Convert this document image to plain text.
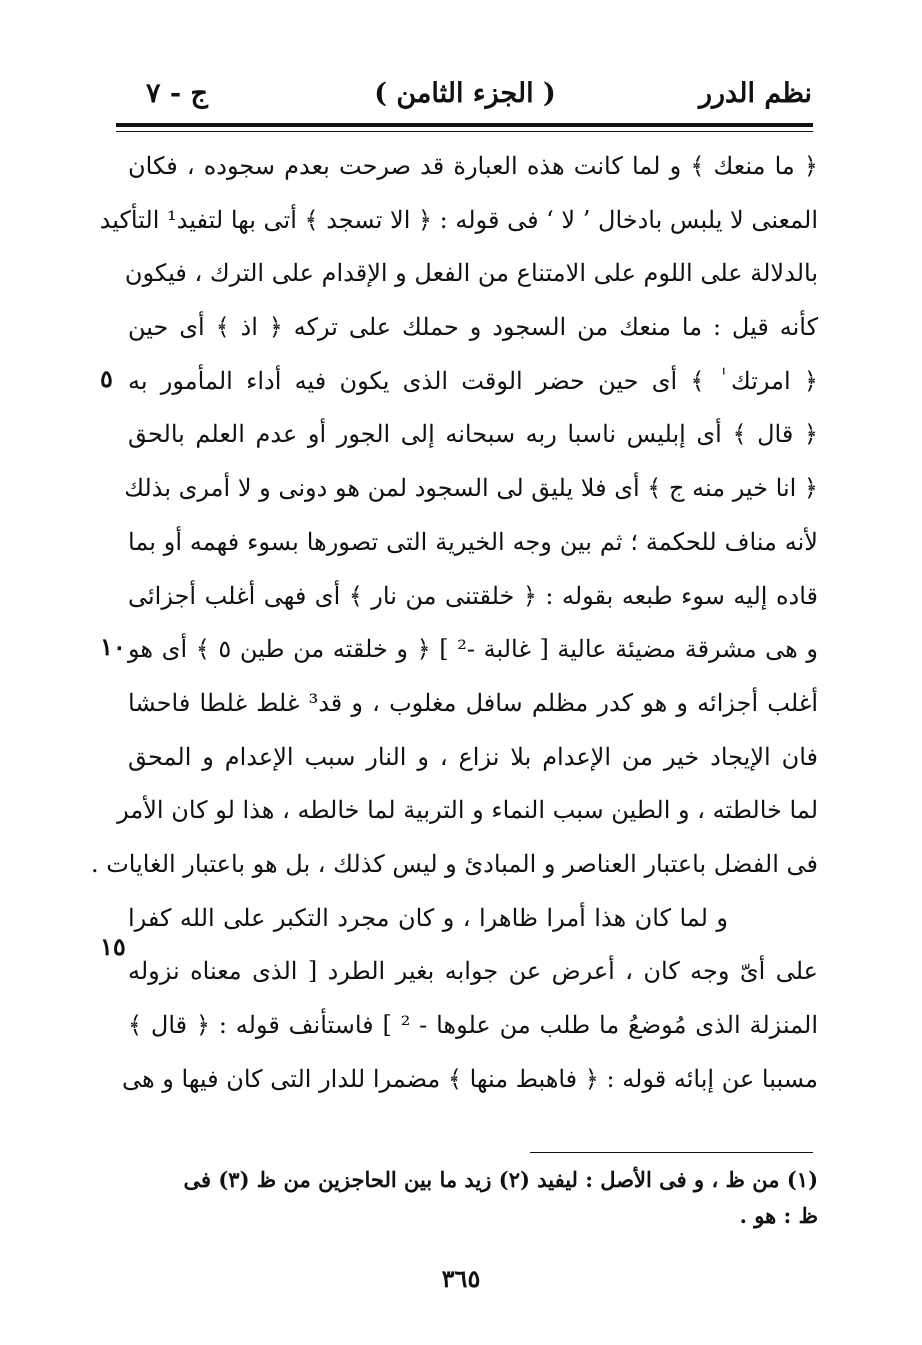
نظم الدرر
( الجزء الثامن )
ج - ٧
﴿ ما منعك ﴾ و لما كانت هذه العبارة قد صرحت بعدم سجوده ، فكان
المعنى لا يلبس بادخال ’ لا ‘ فى قوله : ﴿ الا تسجد ﴾ أتى بها لتفيد¹ التأكيد
بالدلالة على اللوم على الامتناع من الفعل و الإقدام على الترك ، فيكون
كأنه قيل : ما منعك من السجود و حملك على تركه ﴿ اذ ﴾ أى حين
﴿ امرتك ٰ ﴾ أى حين حضر الوقت الذى يكون فيه أداء المأمور به
﴿ قال ﴾ أى إبليس ناسبا ربه سبحانه إلى الجور أو عدم العلم بالحق
﴿ انا خير منه ج ﴾ أى فلا يليق لى السجود لمن هو دونى و لا أمرى بذلك
لأنه مناف للحكمة ؛ ثم بين وجه الخيرية التى تصورها بسوء فهمه أو بما
قاده إليه سوء طبعه بقوله : ﴿ خلقتنى من نار ﴾ أى فهى أغلب أجزائى
و هى مشرقة مضيئة عالية [ غالبة -² ] ﴿ و خلقته من طين ٥ ﴾ أى هو
أغلب أجزائه و هو كدر مظلم سافل مغلوب ، و قد³ غلط غلطا فاحشا
فان الإيجاد خير من الإعدام بلا نزاع ، و النار سبب الإعدام و المحق
لما خالطته ، و الطين سبب النماء و التربية لما خالطه ، هذا لو كان الأمر
فى الفضل باعتبار العناصر و المبادئ و ليس كذلك ، بل هو باعتبار الغايات .
و لما كان هذا أمرا ظاهرا ، و كان مجرد التكبر على الله كفرا
على أىّ وجه كان ، أعرض عن جوابه بغير الطرد [ الذى معناه نزوله
المنزلة الذى مُوضعُ ما طلب من علوها - ² ] فاستأنف قوله : ﴿ قال ﴾
مسببا عن إبائه قوله : ﴿ فاهبط منها ﴾ مضمرا للدار التى كان فيها و هى
٥
١٠
١٥
(١) من ظ ، و فى الأصل : ليفيد (٢) زيد ما بين الحاجزين من ظ (٣) فى
ظ : هو .
٣٦٥
